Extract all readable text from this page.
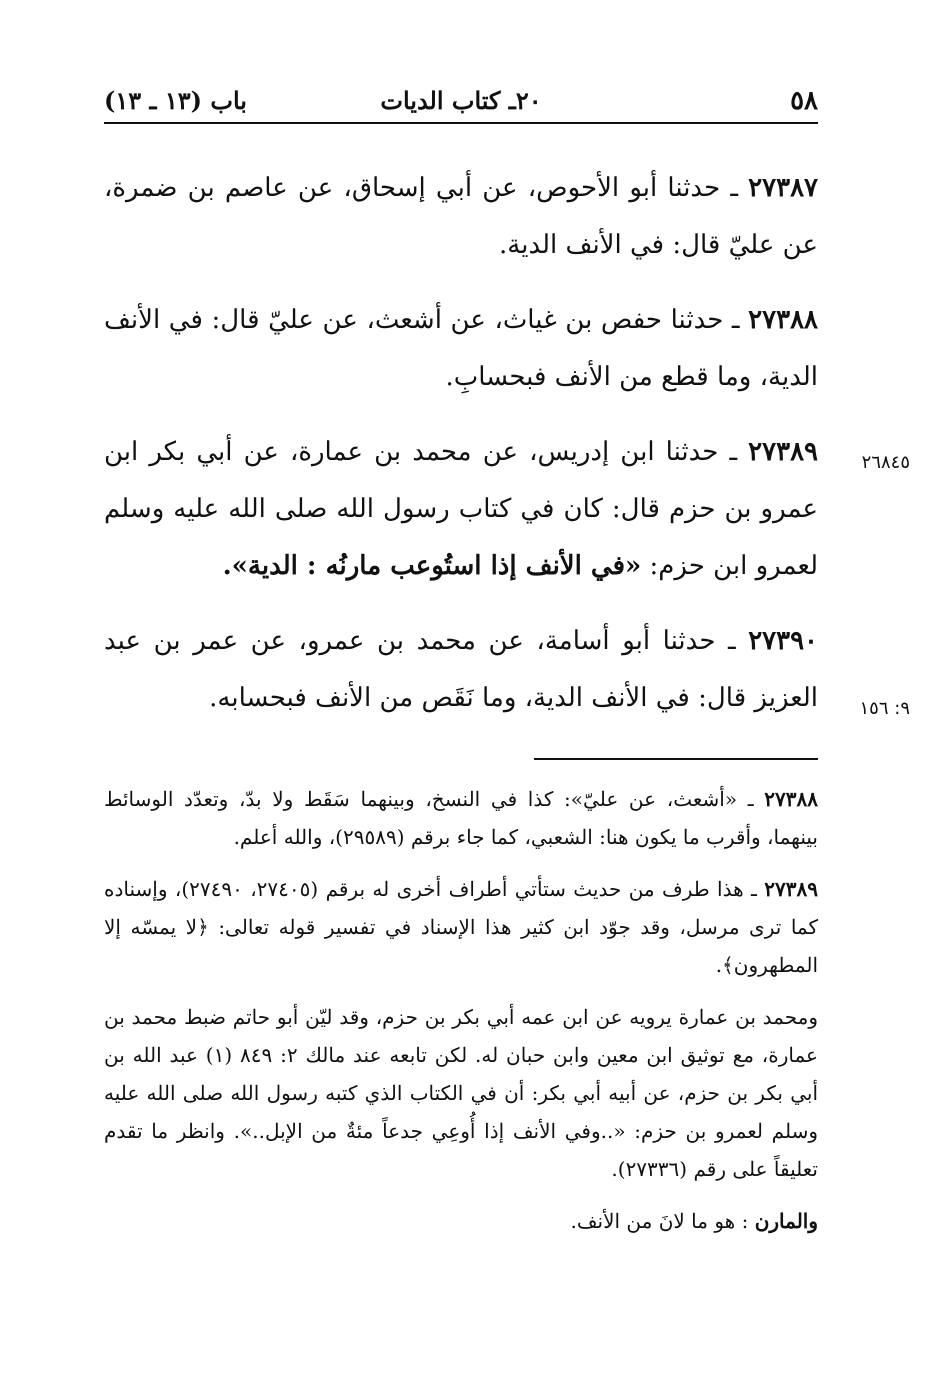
٥٨
٢٠ـ كتاب الديات
باب (١٣ ـ ١٣)

٢٧٣٨٧ ـ حدثنا أبو الأحوص، عن أبي إسحاق، عن عاصم بن ضمرة، عن عليّ قال: في الأنف الدية.

٢٧٣٨٨ ـ حدثنا حفص بن غياث، عن أشعث، عن عليّ قال: في الأنف الدية، وما قطع من الأنف فبحسابِ.

٢٦٨٤٥
٢٧٣٨٩ ـ حدثنا ابن إدريس، عن محمد بن عمارة، عن أبي بكر ابن عمرو بن حزم قال: كان في كتاب رسول الله صلى الله عليه وسلم لعمرو ابن حزم: «في الأنف إذا استُوعب مارنُه : الدية».

٩: ١٥٦
٢٧٣٩٠ ـ حدثنا أبو أسامة، عن محمد بن عمرو، عن عمر بن عبد العزيز قال: في الأنف الدية، وما نَقَص من الأنف فبحسابه.

٢٧٣٨٨ ـ «أشعث، عن عليّ»: كذا في النسخ، وبينهما سَقَط ولا بدّ، وتعدّد الوسائط بينهما، وأقرب ما يكون هنا: الشعبي، كما جاء برقم (٢٩٥٨٩)، والله أعلم.

٢٧٣٨٩ ـ هذا طرف من حديث ستأتي أطراف أخرى له برقم (٢٧٤٠٥، ٢٧٤٩٠)، وإسناده كما ترى مرسل، وقد جوّد ابن كثير هذا الإسناد في تفسير قوله تعالى: ﴿لا يمسّه إلا المطهرون﴾.

ومحمد بن عمارة يرويه عن ابن عمه أبي بكر بن حزم، وقد ليّن أبو حاتم ضبط محمد بن عمارة، مع توثيق ابن معين وابن حبان له. لكن تابعه عند مالك ٢: ٨٤٩ (١) عبد الله بن أبي بكر بن حزم، عن أبيه أبي بكر: أن في الكتاب الذي كتبه رسول الله صلى الله عليه وسلم لعمرو بن حزم: «..وفي الأنف إذا أُوعِي جدعاً مئةٌ من الإبل..». وانظر ما تقدم تعليقاً على رقم (٢٧٣٣٦).

والمارن : هو ما لانَ من الأنف.
